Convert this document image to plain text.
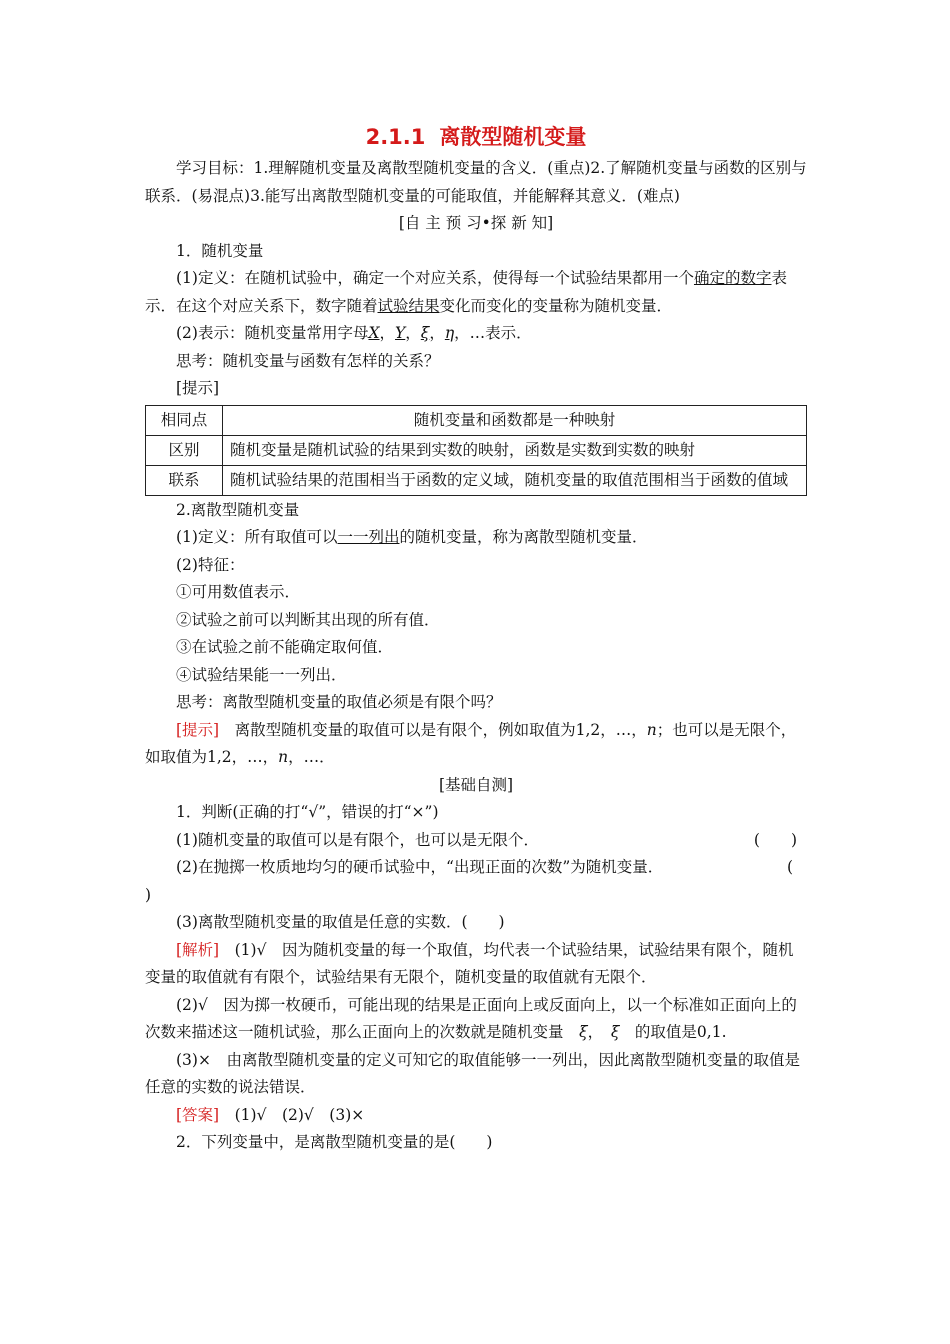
2.1.1 离散型随机变量

学习目标：1.理解随机变量及离散型随机变量的含义．(重点)2.了解随机变量与函数的区别与联系．(易混点)3.能写出离散型随机变量的可能取值，并能解释其意义．(难点)

[自 主 预 习•探 新 知]

1．随机变量

(1)定义：在随机试验中，确定一个对应关系，使得每一个试验结果都用一个确定的数字表示．在这个对应关系下，数字随着试验结果变化而变化的变量称为随机变量．

(2)表示：随机变量常用字母X，Y，ξ，η，…表示．

思考：随机变量与函数有怎样的关系？

[提示]

相同点	随机变量和函数都是一种映射
区别	随机变量是随机试验的结果到实数的映射，函数是实数到实数的映射
联系	随机试验结果的范围相当于函数的定义域，随机变量的取值范围相当于函数的值域

2.离散型随机变量

(1)定义：所有取值可以一一列出的随机变量，称为离散型随机变量．

(2)特征：

①可用数值表示．

②试验之前可以判断其出现的所有值．

③在试验之前不能确定取何值．

④试验结果能一一列出．

思考：离散型随机变量的取值必须是有限个吗？

[提示]　 离散型随机变量的取值可以是有限个，例如取值为1,2，…，n；也可以是无限个，如取值为1,2，…，n，…．

[基础自测]

1．判断(正确的打“√”，错误的打“×”)

(1)随机变量的取值可以是有限个，也可以是无限个．	(　　)
(2)在抛掷一枚质地均匀的硬币试验中，“出现正面的次数”为随机变量．	(

)

(3)离散型随机变量的取值是任意的实数．(　　)

[解析]　 (1)√　因为随机变量的每一个取值，均代表一个试验结果，试验结果有限个，随机变量的取值就有有限个，试验结果有无限个，随机变量的取值就有无限个．

(2)√　因为掷一枚硬币，可能出现的结果是正面向上或反面向上，以一个标准如正面向上的次数来描述这一随机试验，那么正面向上的次数就是随机变量　 ξ，　 ξ　 的取值是0,1.

(3)×　由离散型随机变量的定义可知它的取值能够一一列出，因此离散型随机变量的取值是任意的实数的说法错误．

[答案]　 (1)√　(2)√　(3)×

2．下列变量中，是离散型随机变量的是(　　)
